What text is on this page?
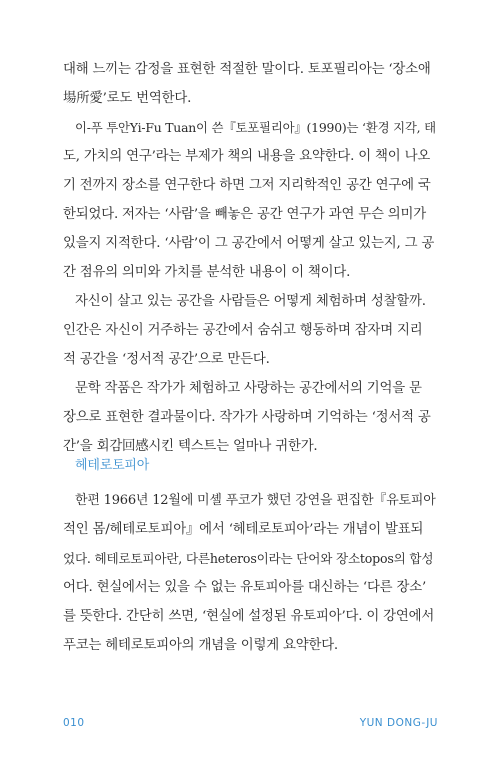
대해 느끼는 감정을 표현한 적절한 말이다. 토포필리아는 ‘장소애
場所愛’로도 번역한다.
이-푸 투안Yi-Fu Tuan이 쓴『토포필리아』(1990)는 ‘환경 지각, 태
도, 가치의 연구’라는 부제가 책의 내용을 요약한다. 이 책이 나오
기 전까지 장소를 연구한다 하면 그저 지리학적인 공간 연구에 국
한되었다. 저자는 ‘사람’을 빼놓은 공간 연구가 과연 무슨 의미가
있을지 지적한다. ‘사람’이 그 공간에서 어떻게 살고 있는지, 그 공
간 점유의 의미와 가치를 분석한 내용이 이 책이다.
자신이 살고 있는 공간을 사람들은 어떻게 체험하며 성찰할까.
인간은 자신이 거주하는 공간에서 숨쉬고 행동하며 잠자며 지리
적 공간을 ‘정서적 공간’으로 만든다.
문학 작품은 작가가 체험하고 사랑하는 공간에서의 기억을 문
장으로 표현한 결과물이다. 작가가 사랑하며 기억하는 ‘정서적 공
간’을 회감回感시킨 텍스트는 얼마나 귀한가.
헤테로토피아
한편 1966년 12월에 미셸 푸코가 했던 강연을 편집한『유토피아
적인 몸/헤테로토피아』에서 ‘헤테로토피아’라는 개념이 발표되
었다. 헤테로토피아란, 다른heteros이라는 단어와 장소topos의 합성
어다. 현실에서는 있을 수 없는 유토피아를 대신하는 ‘다른 장소’
를 뜻한다. 간단히 쓰면, ‘현실에 설정된 유토피아’다. 이 강연에서
푸코는 헤테로토피아의 개념을 이렇게 요약한다.
010	YUN DONG-JU
